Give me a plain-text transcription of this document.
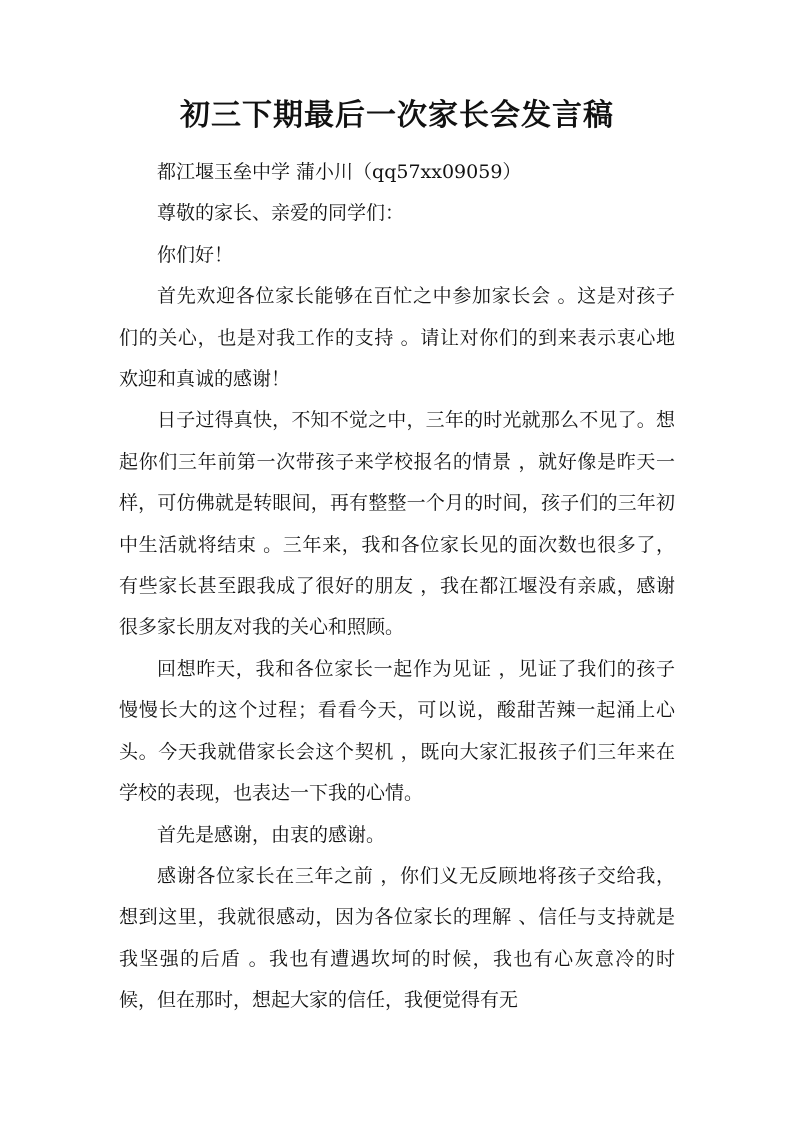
初三下期最后一次家长会发言稿

都江堰玉垒中学 蒲小川（qq57xx09059）

尊敬的家长、亲爱的同学们：

你们好！

首先欢迎各位家长能够在百忙之中参加家长会 。这是对孩子们的关心，也是对我工作的支持 。请让对你们的到来表示衷心地欢迎和真诚的感谢！

日子过得真快，不知不觉之中，三年的时光就那么不见了。想起你们三年前第一次带孩子来学校报名的情景 ，就好像是昨天一样，可仿佛就是转眼间，再有整整一个月的时间，孩子们的三年初中生活就将结束 。三年来，我和各位家长见的面次数也很多了，有些家长甚至跟我成了很好的朋友 ，我在都江堰没有亲戚，感谢很多家长朋友对我的关心和照顾。

回想昨天，我和各位家长一起作为见证 ，见证了我们的孩子慢慢长大的这个过程；看看今天，可以说，酸甜苦辣一起涌上心头。今天我就借家长会这个契机 ，既向大家汇报孩子们三年来在学校的表现，也表达一下我的心情。

首先是感谢，由衷的感谢。

感谢各位家长在三年之前 ，你们义无反顾地将孩子交给我，想到这里，我就很感动，因为各位家长的理解 、信任与支持就是我坚强的后盾 。我也有遭遇坎坷的时候，我也有心灰意冷的时候，但在那时，想起大家的信任，我便觉得有无
